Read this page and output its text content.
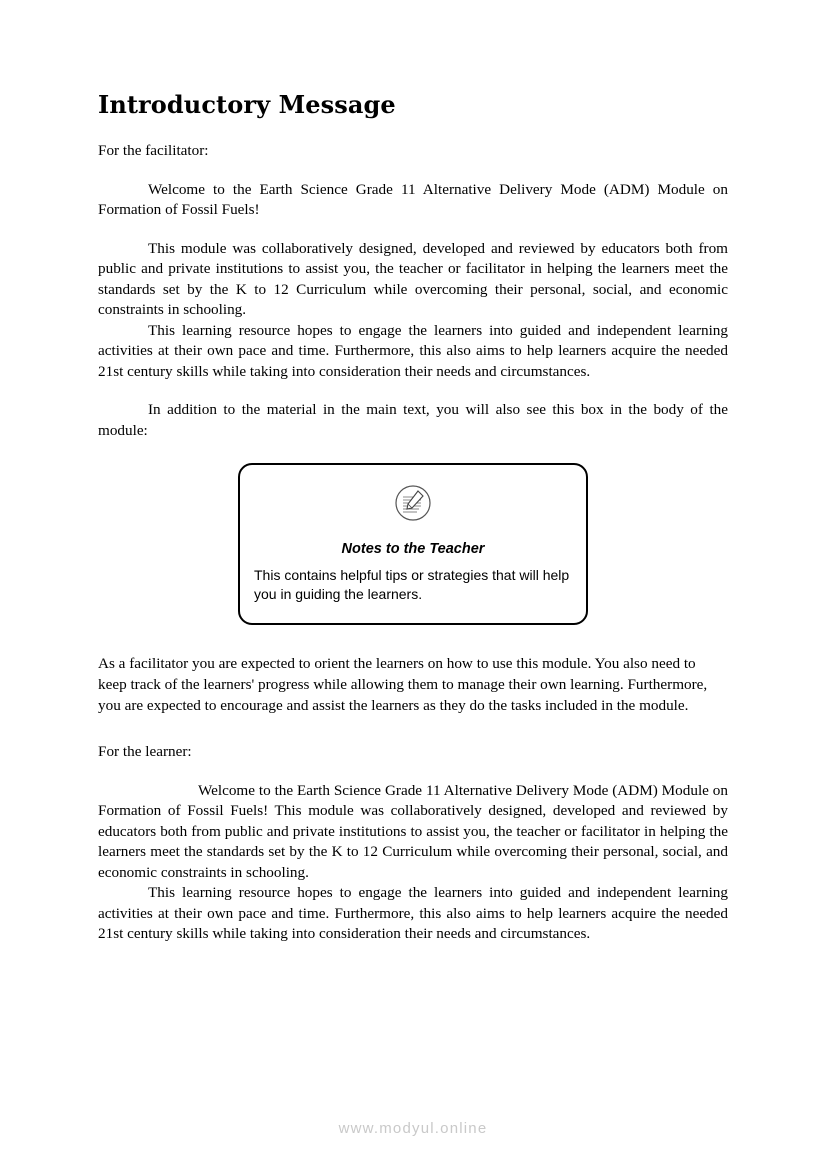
Introductory Message

For the facilitator:

Welcome to the Earth Science Grade 11 Alternative Delivery Mode (ADM) Module on Formation of Fossil Fuels!

This module was collaboratively designed, developed and reviewed by educators both from public and private institutions to assist you, the teacher or facilitator in helping the learners meet the standards set by the K to 12 Curriculum while overcoming their personal, social, and economic constraints in schooling.

This learning resource hopes to engage the learners into guided and independent learning activities at their own pace and time. Furthermore, this also aims to help learners acquire the needed 21st century skills while taking into consideration their needs and circumstances.

In addition to the material in the main text, you will also see this box in the body of the module:

Notes to the Teacher
This contains helpful tips or strategies that will help you in guiding the learners.

As a facilitator you are expected to orient the learners on how to use this module. You also need to keep track of the learners' progress while allowing them to manage their own learning. Furthermore, you are expected to encourage and assist the learners as they do the tasks included in the module.

For the learner:

Welcome to the Earth Science Grade 11 Alternative Delivery Mode (ADM) Module on Formation of Fossil Fuels! This module was collaboratively designed, developed and reviewed by educators both from public and private institutions to assist you, the teacher or facilitator in helping the learners meet the standards set by the K to 12 Curriculum while overcoming their personal, social, and economic constraints in schooling.

This learning resource hopes to engage the learners into guided and independent learning activities at their own pace and time. Furthermore, this also aims to help learners acquire the needed 21st century skills while taking into consideration their needs and circumstances.

www.modyul.online
